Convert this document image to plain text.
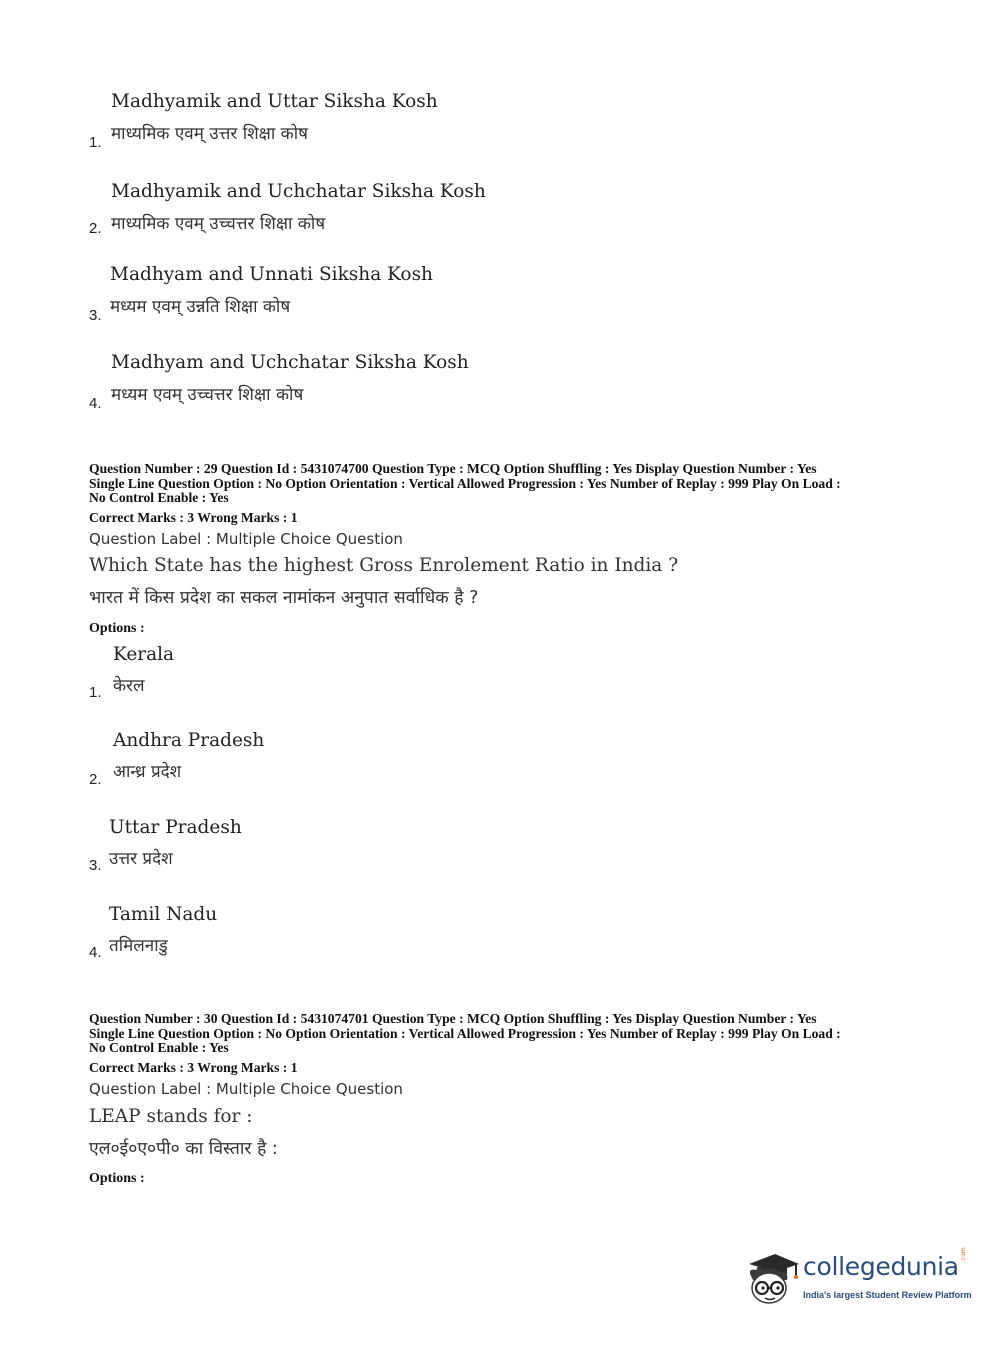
Madhyamik and Uttar Siksha Kosh
माध्यमिक एवम् उत्तर शिक्षा कोष
1.
Madhyamik and Uchchatar Siksha Kosh
माध्यमिक एवम् उच्चत्तर शिक्षा कोष
2.
Madhyam and Unnati Siksha Kosh
मध्यम एवम् उन्नति शिक्षा कोष
3.
Madhyam and Uchchatar Siksha Kosh
मध्यम एवम् उच्चत्तर शिक्षा कोष
4.
Question Number : 29 Question Id : 5431074700 Question Type : MCQ Option Shuffling : Yes Display Question Number : Yes
Single Line Question Option : No Option Orientation : Vertical Allowed Progression : Yes Number of Replay : 999 Play On Load :
No Control Enable : Yes
Correct Marks : 3 Wrong Marks : 1
Question Label : Multiple Choice Question
Which State has the highest Gross Enrolement Ratio in India ?
भारत में किस प्रदेश का सकल नामांकन अनुपात सर्वाधिक है ?
Options :
Kerala
केरल
1.
Andhra Pradesh
आन्ध्र प्रदेश
2.
Uttar Pradesh
उत्तर प्रदेश
3.
Tamil Nadu
तमिलनाडु
4.
Question Number : 30 Question Id : 5431074701 Question Type : MCQ Option Shuffling : Yes Display Question Number : Yes
Single Line Question Option : No Option Orientation : Vertical Allowed Progression : Yes Number of Replay : 999 Play On Load :
No Control Enable : Yes
Correct Marks : 3 Wrong Marks : 1
Question Label : Multiple Choice Question
LEAP stands for :
एल०ई०ए०पी० का विस्तार है :
Options :
collegedunia .com
India's largest Student Review Platform
